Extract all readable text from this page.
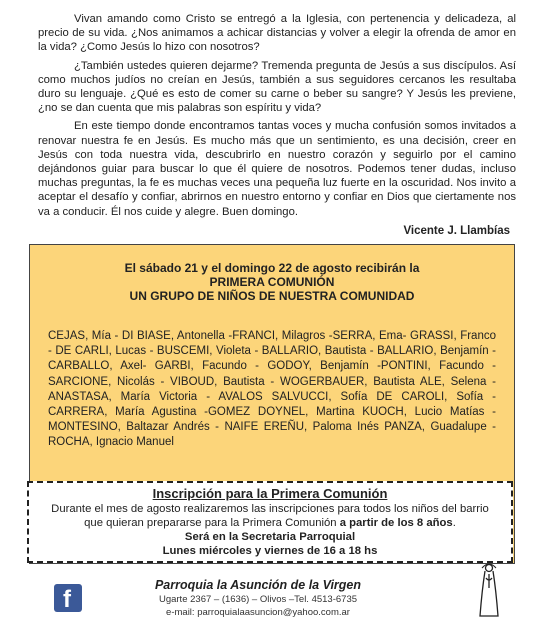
Vivan amando como Cristo se entregó a la Iglesia, con pertenencia y delicadeza, al precio de su vida. ¿Nos animamos a achicar distancias y volver a elegir la ofrenda de amor en la vida? ¿Como Jesús lo hizo con nosotros?

¿También ustedes quieren dejarme? Tremenda pregunta de Jesús a sus discípulos. Así como muchos judíos no creían en Jesús, también a sus seguidores cercanos les resultaba duro su lenguaje. ¿Qué es esto de comer su carne o beber su sangre? Y Jesús les previene, ¿no se dan cuenta que mis palabras son espíritu y vida?

En este tiempo donde encontramos tantas voces y mucha confusión somos invitados a renovar nuestra fe en Jesús. Es mucho más que un sentimiento, es una decisión, creer en Jesús con toda nuestra vida, descubrirlo en nuestro corazón y seguirlo por el camino dejándonos guiar para buscar lo que él quiere de nosotros. Podemos tener dudas, incluso muchas preguntas, la fe es muchas veces una pequeña luz fuerte en la oscuridad. Nos invito a aceptar el desafío y confiar, abrirnos en nuestro entorno y confiar en Dios que ciertamente nos va a conducir. Él nos cuide y alegre. Buen domingo.

Vicente J. Llambías
El sábado 21 y el domingo 22 de agosto recibirán la
PRIMERA COMUNIÓN
UN GRUPO DE NIÑOS DE NUESTRA COMUNIDAD
CEJAS, Mía - DI BIASE, Antonella -FRANCI, Milagros -SERRA, Ema- GRASSI, Franco - DE CARLI, Lucas - BUSCEMI, Violeta - BALLARIO, Bautista - BALLARIO, Benjamín - CARBALLO, Axel- GARBI, Facundo - GODOY, Benjamín -PONTINI, Facundo - SARCIONE, Nicolás - VIBOUD, Bautista - WOGERBAUER, Bautista ALE, Selena - ANASTASA, María Victoria - AVALOS SALVUCCI, Sofía DE CAROLI, Sofía -CARRERA, María Agustina -GOMEZ DOYNEL, Martina KUOCH, Lucio Matías - MONTESINO, Baltazar Andrés - NAIFE EREÑU, Paloma Inés PANZA, Guadalupe - ROCHA, Ignacio Manuel
Inscripción para la Primera Comunión
Durante el mes de agosto realizaremos las inscripciones para todos los niños del barrio
que quieran prepararse para la Primera Comunión a partir de los 8 años.
Será en la Secretaria Parroquial
Lunes miércoles y viernes de 16 a 18 hs
f
Parroquia la Asunción de la Virgen
Ugarte 2367 – (1636) – Olivos –Tel. 4513-6735
e-mail: parroquialaasuncion@yahoo.com.ar
